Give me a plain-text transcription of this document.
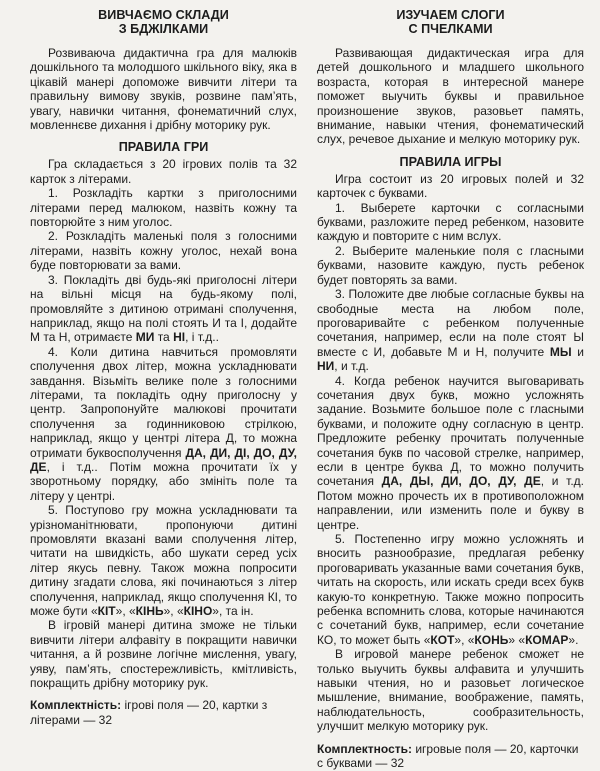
ВИВЧАЄМО СКЛАДИ
З БДЖІЛКАМИ

Розвиваюча дидактична гра для малюків дошкільного та молодшого шкільного віку, яка в цікавій манері допоможе вивчити літери та правильну вимову звуків, розвине пам’ять, увагу, навички читання, фонематичний слух, мовленнєве дихання і дрібну моторику рук.

ПРАВИЛА ГРИ

Гра складається з 20 ігрових полів та 32 карток з літерами.

1. Розкладіть картки з приголосними літерами перед малюком, назвіть кожну та повторюйте з ним уголос.

2. Розкладіть маленькі поля з голосними літерами, назвіть кожну уголос, нехай вона буде повторювати за вами.

3. Покладіть дві будь-які приголосні літери на вільні місця на будь-якому полі, промовляйте з дитиною отримані сполучення, наприклад, якщо на полі стоять И та І, додайте М та Н, отримаєте МИ та НІ, і т.д..

4. Коли дитина навчиться промовляти сполучення двох літер, можна ускладнювати завдання. Візьміть велике поле з голосними літерами, та покладіть одну приголосну у центр. Запропонуйте малюкові прочитати сполучення за годинниковою стрілкою, наприклад, якщо у центрі літера Д, то можна отримати буквосполучення ДА, ДИ, ДІ, ДО, ДУ, ДЕ, і т.д.. Потім можна прочитати їх у зворотньому порядку, або змініть поле та літеру у центрі.

5. Поступово гру можна ускладнювати та урізноманітнювати, пропонуючи дитині промовляти вказані вами сполучення літер, читати на швидкість, або шукати серед усіх літер якусь певну. Також можна попросити дитину згадати слова, які починаються з літер сполучення, наприклад, якщо сполучення КІ, то може бути «КІТ», «КІНЬ», «КІНО», та ін.

В ігровій манері дитина зможе не тільки вивчити літери алфавіту в покращити навички читання, а й розвине логічне мислення, увагу, уяву, пам’ять, спостережливість, кмітливість, покращить дрібну моторику рук.

Комплектність: ігрові поля — 20, картки з літерами — 32
ИЗУЧАЕМ СЛОГИ
С ПЧЕЛКАМИ

Развивающая дидактическая игра для детей дошкольного и младшего школьного возраста, которая в интересной манере поможет выучить буквы и правильное произношение звуков, разовьет память, внимание, навыки чтения, фонематический слух, речевое дыхание и мелкую моторику рук.

ПРАВИЛА ИГРЫ

Игра состоит из 20 игровых полей и 32 карточек с буквами.

1. Выберете карточки с согласными буквами, разложите перед ребенком, назовите каждую и повторите с ним вслух.

2. Выберите маленькие поля с гласными буквами, назовите каждую, пусть ребенок будет повторять за вами.

3. Положите две любые согласные буквы на свободные места на любом поле, проговаривайте с ребенком полученные сочетания, например, если на поле стоят Ы вместе с И, добавьте М и Н, получите МЫ и НИ, и т.д.

4. Когда ребенок научится выговаривать сочетания двух букв, можно усложнять задание. Возьмите большое поле с гласными буквами, и положите одну согласную в центр. Предложите ребенку прочитать полученные сочетания букв по часовой стрелке, например, если в центре буква Д, то можно получить сочетания ДА, ДЫ, ДИ, ДО, ДУ, ДЕ, и т.д. Потом можно прочесть их в противоположном направлении, или изменить поле и букву в центре.

5. Постепенно игру можно усложнять и вносить разнообразие, предлагая ребенку проговаривать указанные вами сочетания букв, читать на скорость, или искать среди всех букв какую-то конкретную. Также можно попросить ребенка вспомнить слова, которые начинаются с сочетаний букв, например, если сочетание КО, то может быть «КОТ», «КОНЬ» «КОМАР».

В игровой манере ребенок сможет не только выучить буквы алфавита и улучшить навыки чтения, но и разовьет логическое мышление, внимание, воображение, память, наблюдательность, сообразительность, улучшит мелкую моторику рук.

Комплектность: игровые поля — 20, карточки с буквами — 32
